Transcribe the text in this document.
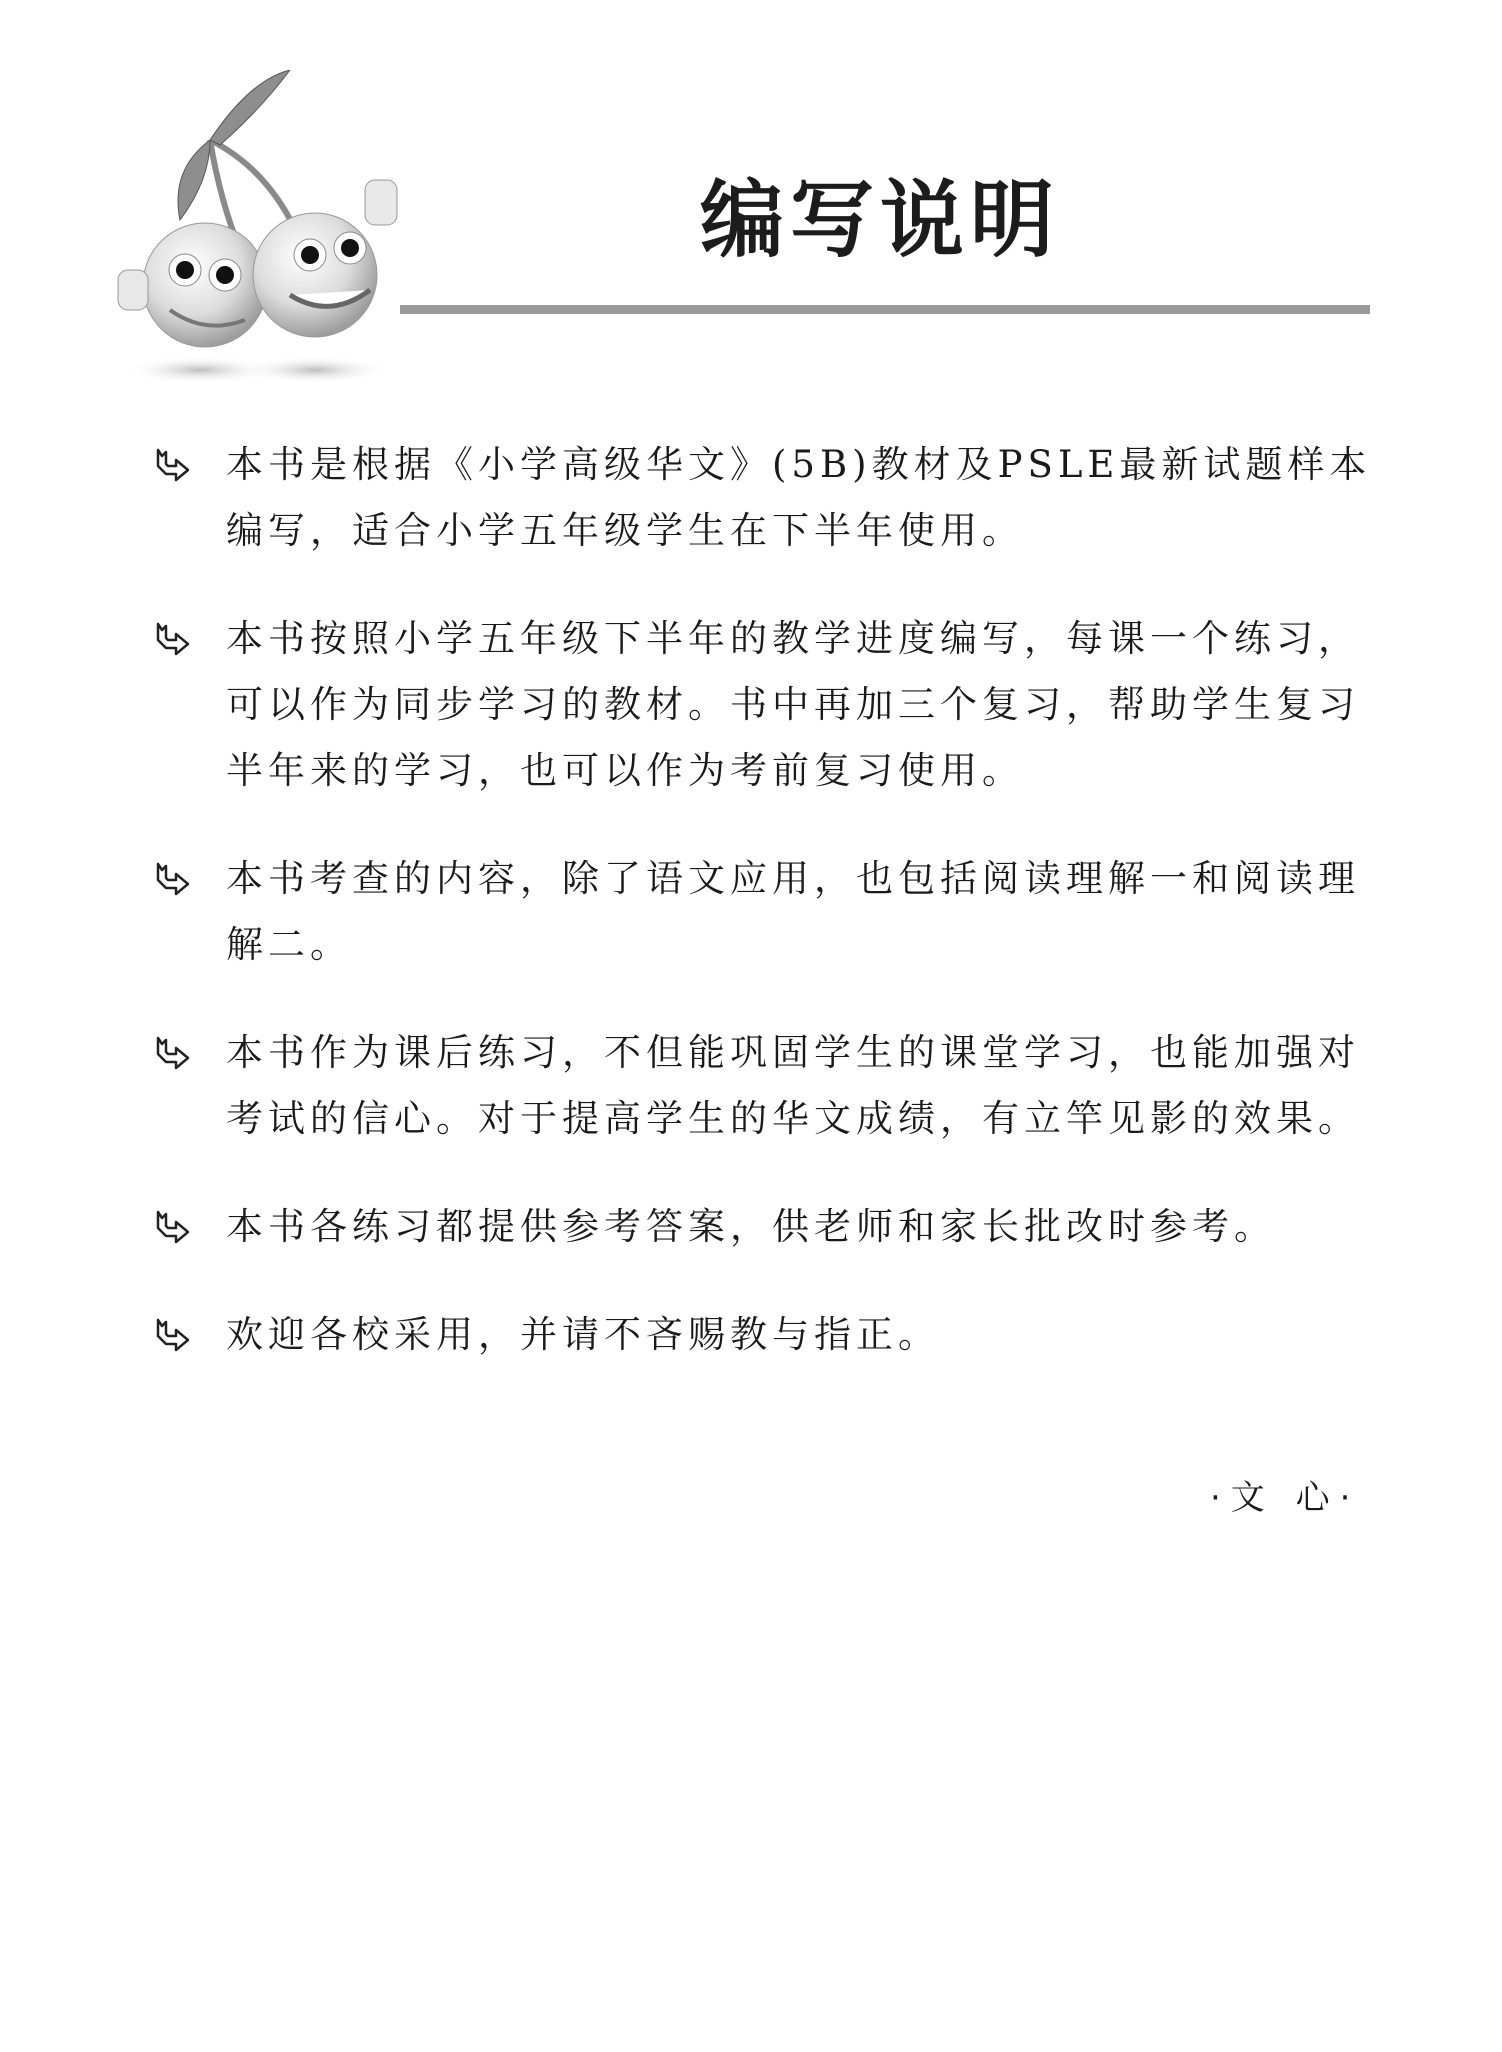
编写说明
本书是根据《小学高级华文》(5B)教材及PSLE最新试题样本编写，适合小学五年级学生在下半年使用。
本书按照小学五年级下半年的教学进度编写，每课一个练习，可以作为同步学习的教材。书中再加三个复习，帮助学生复习半年来的学习，也可以作为考前复习使用。
本书考查的内容，除了语文应用，也包括阅读理解一和阅读理解二。
本书作为课后练习，不但能巩固学生的课堂学习，也能加强对考试的信心。对于提高学生的华文成绩，有立竿见影的效果。
本书各练习都提供参考答案，供老师和家长批改时参考。
欢迎各校采用，并请不吝赐教与指正。
·文 心·
